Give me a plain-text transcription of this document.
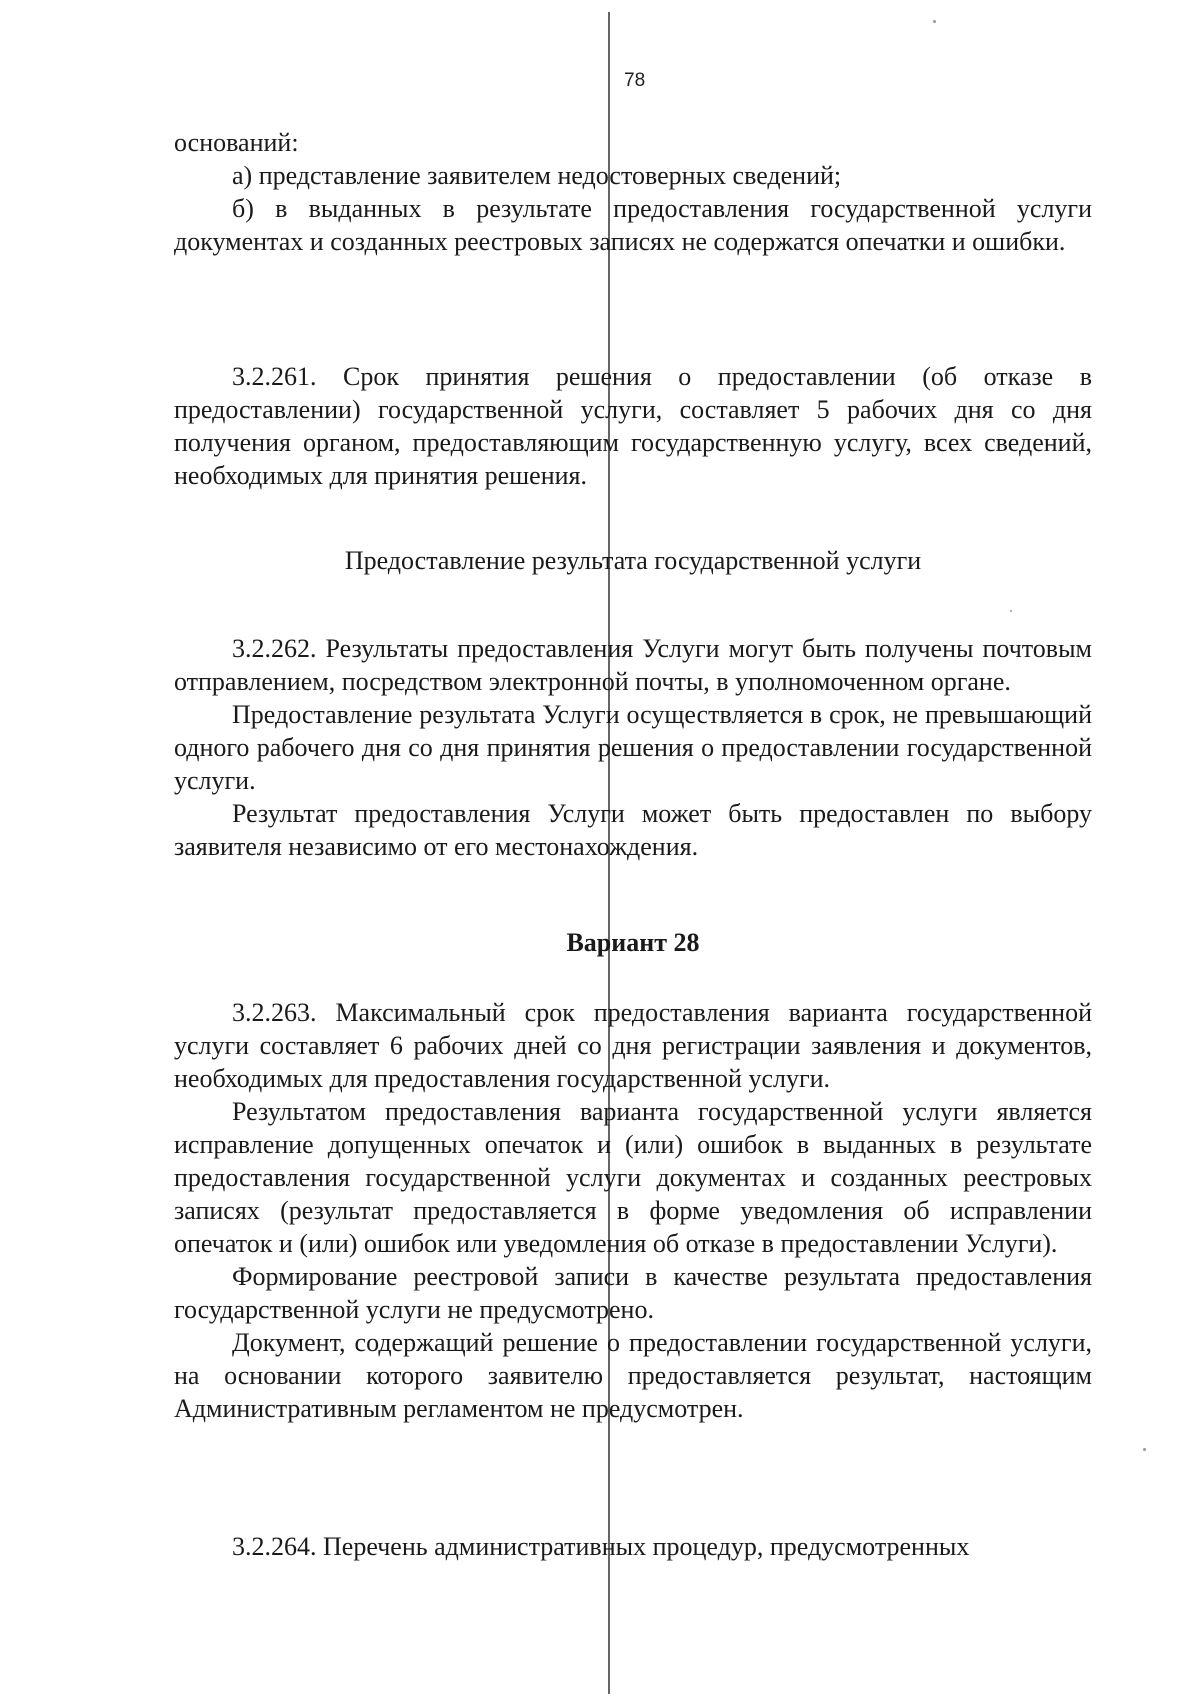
78

оснований:

а) представление заявителем недостоверных сведений;

б) в выданных в результате предоставления государственной услуги документах и созданных реестровых записях не содержатся опечатки и ошибки.

3.2.261. Срок принятия решения о предоставлении (об отказе в предоставлении) государственной услуги, составляет 5 рабочих дня со дня получения органом, предоставляющим государственную услугу, всех сведений, необходимых для принятия решения.

Предоставление результата государственной услуги

3.2.262. Результаты предоставления Услуги могут быть получены почтовым отправлением, посредством электронной почты, в уполномоченном органе.

Предоставление результата Услуги осуществляется в срок, не превышающий одного рабочего дня со дня принятия решения о предоставлении государственной услуги.

Результат предоставления Услуги может быть предоставлен по выбору заявителя независимо от его местонахождения.

Вариант 28

3.2.263. Максимальный срок предоставления варианта государственной услуги составляет 6 рабочих дней со дня регистрации заявления и документов, необходимых для предоставления государственной услуги.

Результатом предоставления варианта государственной услуги является исправление допущенных опечаток и (или) ошибок в выданных в результате предоставления государственной услуги документах и созданных реестровых записях (результат предоставляется в форме уведомления об исправлении опечаток и (или) ошибок или уведомления об отказе в предоставлении Услуги).

Формирование реестровой записи в качестве результата предоставления государственной услуги не предусмотрено.

Документ, содержащий решение о предоставлении государственной услуги, на основании которого заявителю предоставляется результат, настоящим Административным регламентом не предусмотрен.

3.2.264. Перечень административных процедур, предусмотренных
